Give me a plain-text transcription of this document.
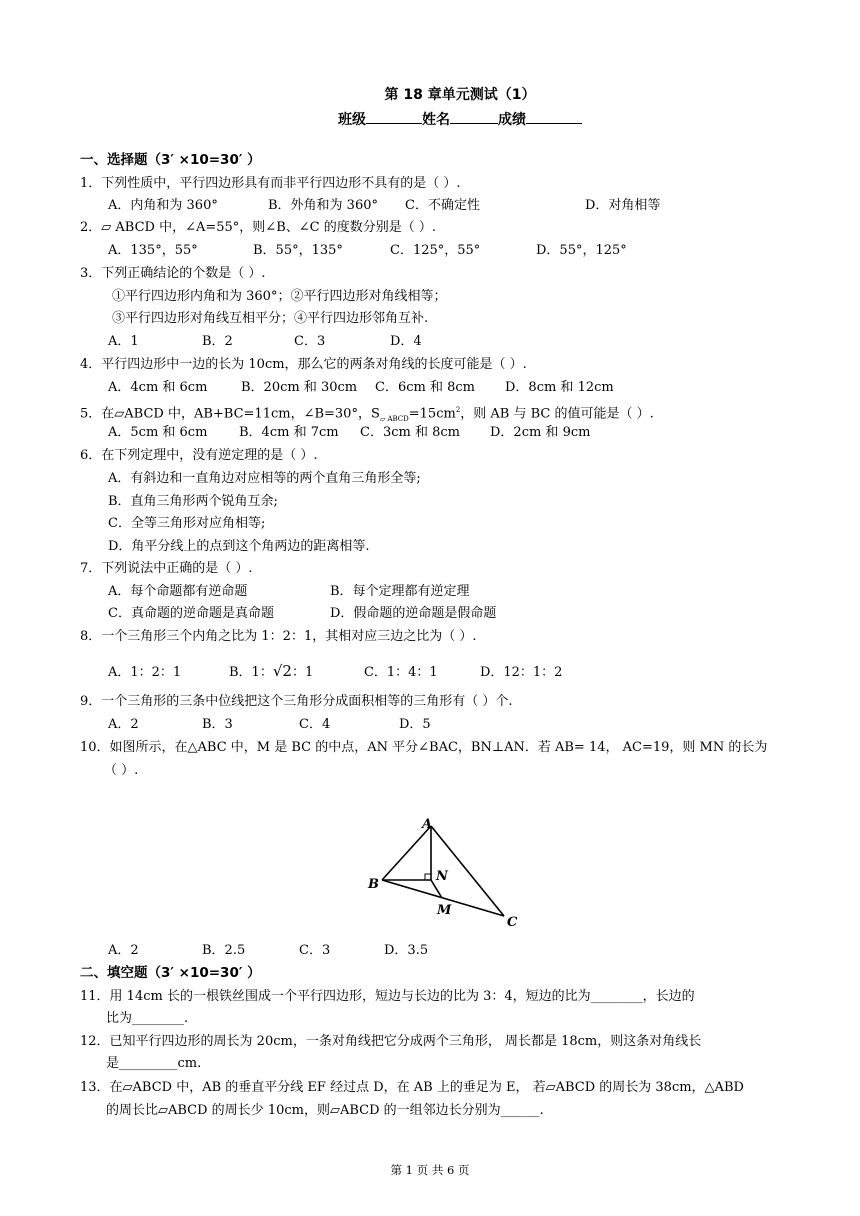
第 18 章单元测试（1）
班级	姓名	成绩
一、选择题（3′ ×10=30′ ）
1．下列性质中，平行四边形具有而非平行四边形不具有的是（ ）.
A．内角和为 360°	B．外角和为 360° C．不确定性	D．对角相等
2．▱ ABCD 中，∠A=55°，则∠B、∠C 的度数分别是（ ）.
A．135°，55°	B．55°，135°	C．125°，55°	D．55°，125°
3．下列正确结论的个数是（ ）.
①平行四边形内角和为 360°；②平行四边形对角线相等；
③平行四边形对角线互相平分；④平行四边形邻角互补.
A．1	B．2	C．3	D．4
4．平行四边形中一边的长为 10cm，那么它的两条对角线的长度可能是（ ）.
A．4cm 和 6cm	B．20cm 和 30cm C．6cm 和 8cm D．8cm 和 12cm
5．在▱ABCD 中，AB+BC=11cm，∠B=30°，$S_{▱ ABCD}=15cm^2$，则 AB 与 BC 的值可能是（ ）.
A．5cm 和 6cm B．4cm 和 7cm C．3cm 和 8cm D．2cm 和 9cm
6．在下列定理中，没有逆定理的是（ ）.
A．有斜边和一直角边对应相等的两个直角三角形全等;
B．直角三角形两个锐角互余;
C．全等三角形对应角相等;
D．角平分线上的点到这个角两边的距离相等.
7．下列说法中正确的是（ ）.
A．每个命题都有逆命题	B．每个定理都有逆定理
C．真命题的逆命题是真命题	D．假命题的逆命题是假命题
8．一个三角形三个内角之比为 1：2：1，其相对应三边之比为（ ）.
A．1：2：1	B．1：√2：1	C．1：4：1	D．12：1：2
9．一个三角形的三条中位线把这个三角形分成面积相等的三角形有（ ）个.
A．2	B．3	C．4	D．5
10．如图所示，在△ABC 中，M 是 BC 的中点，AN 平分∠BAC，BN⊥AN．若 AB= 14， AC=19，则 MN 的长为
（ ）.
A
B
C
M
N
A．2	B．2.5	C．3	D．3.5
二、填空题（3′ ×10=30′ ）
11．用 14cm 长的一根铁丝围成一个平行四边形，短边与长边的比为 3：4，短边的比为________，长边的
比为________.
12．已知平行四边形的周长为 20cm，一条对角线把它分成两个三角形， 周长都是 18cm，则这条对角线长
是_________cm.
13．在▱ABCD 中，AB 的垂直平分线 EF 经过点 D，在 AB 上的垂足为 E， 若▱ABCD 的周长为 38cm，△ABD
的周长比▱ABCD 的周长少 10cm，则▱ABCD 的一组邻边长分别为______.
第 1 页 共 6 页
